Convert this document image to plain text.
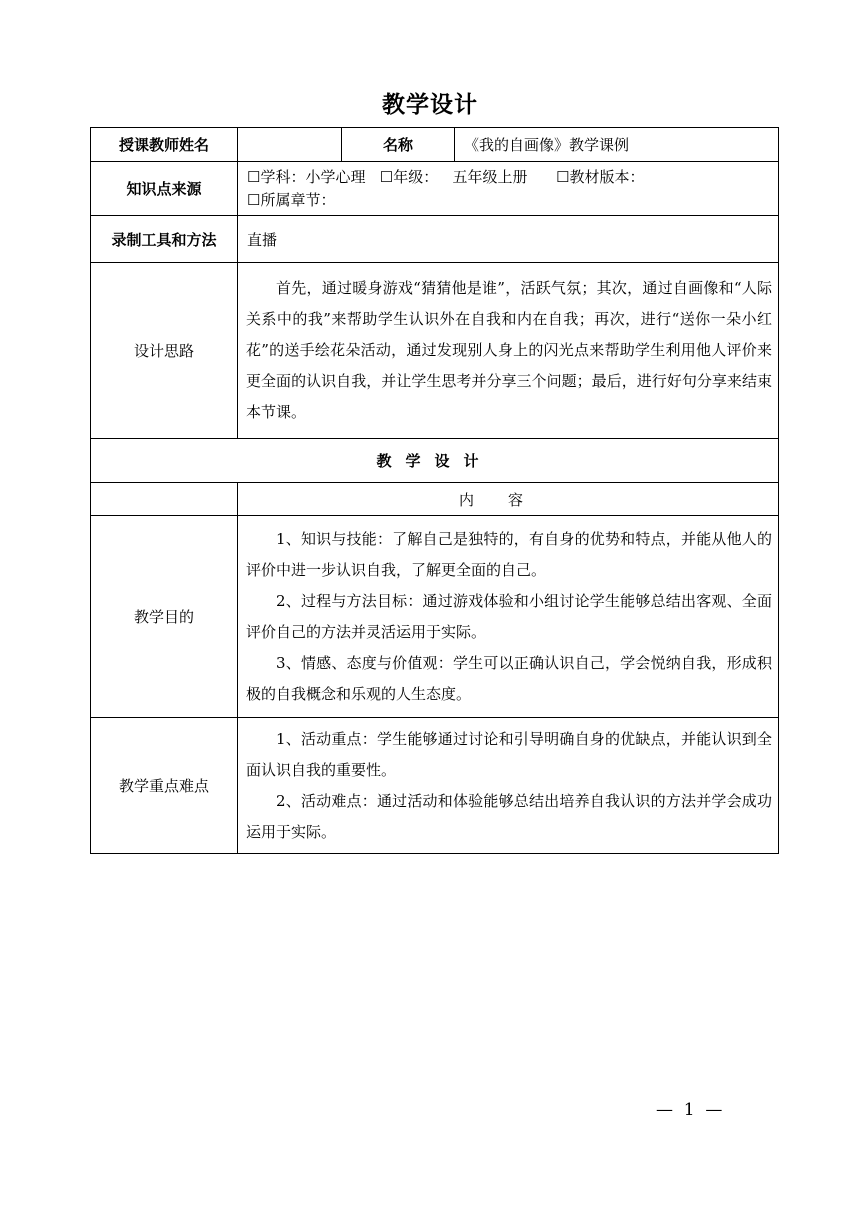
教学设计
授课教师姓名		名称	《我的自画像》教学课例
知识点来源	☐学科：小学心理   ☐年级：   五年级上册      ☐教材版本：
☐所属章节：		

录制工具和方法	直播		
设计思路	首先，通过暖身游戏“猜猜他是谁”，活跃气氛；其次，通过自画像和“人际关系中的我”来帮助学生认识外在自我和内在自我；再次，进行“送你一朵小红花”的送手绘花朵活动，通过发现别人身上的闪光点来帮助学生利用他人评价来更全面的认识自我，并让学生思考并分享三个问题；最后，进行好句分享来结束本节课。		
教学设计			
	内容		
教学目的	1、知识与技能：了解自己是独特的，有自身的优势和特点，并能从他人的评价中进一步认识自我，了解更全面的自己。

2、过程与方法目标：通过游戏体验和小组讨论学生能够总结出客观、全面评价自己的方法并灵活运用于实际。

3、情感、态度与价值观：学生可以正确认识自己，学会悦纳自我，形成积极的自我概念和乐观的人生态度。		

教学重点难点	1、活动重点：学生能够通过讨论和引导明确自身的优缺点，并能认识到全面认识自我的重要性。

2、活动难点：通过活动和体验能够总结出培养自我认识的方法并学会成功运用于实际。		

—  1  —
